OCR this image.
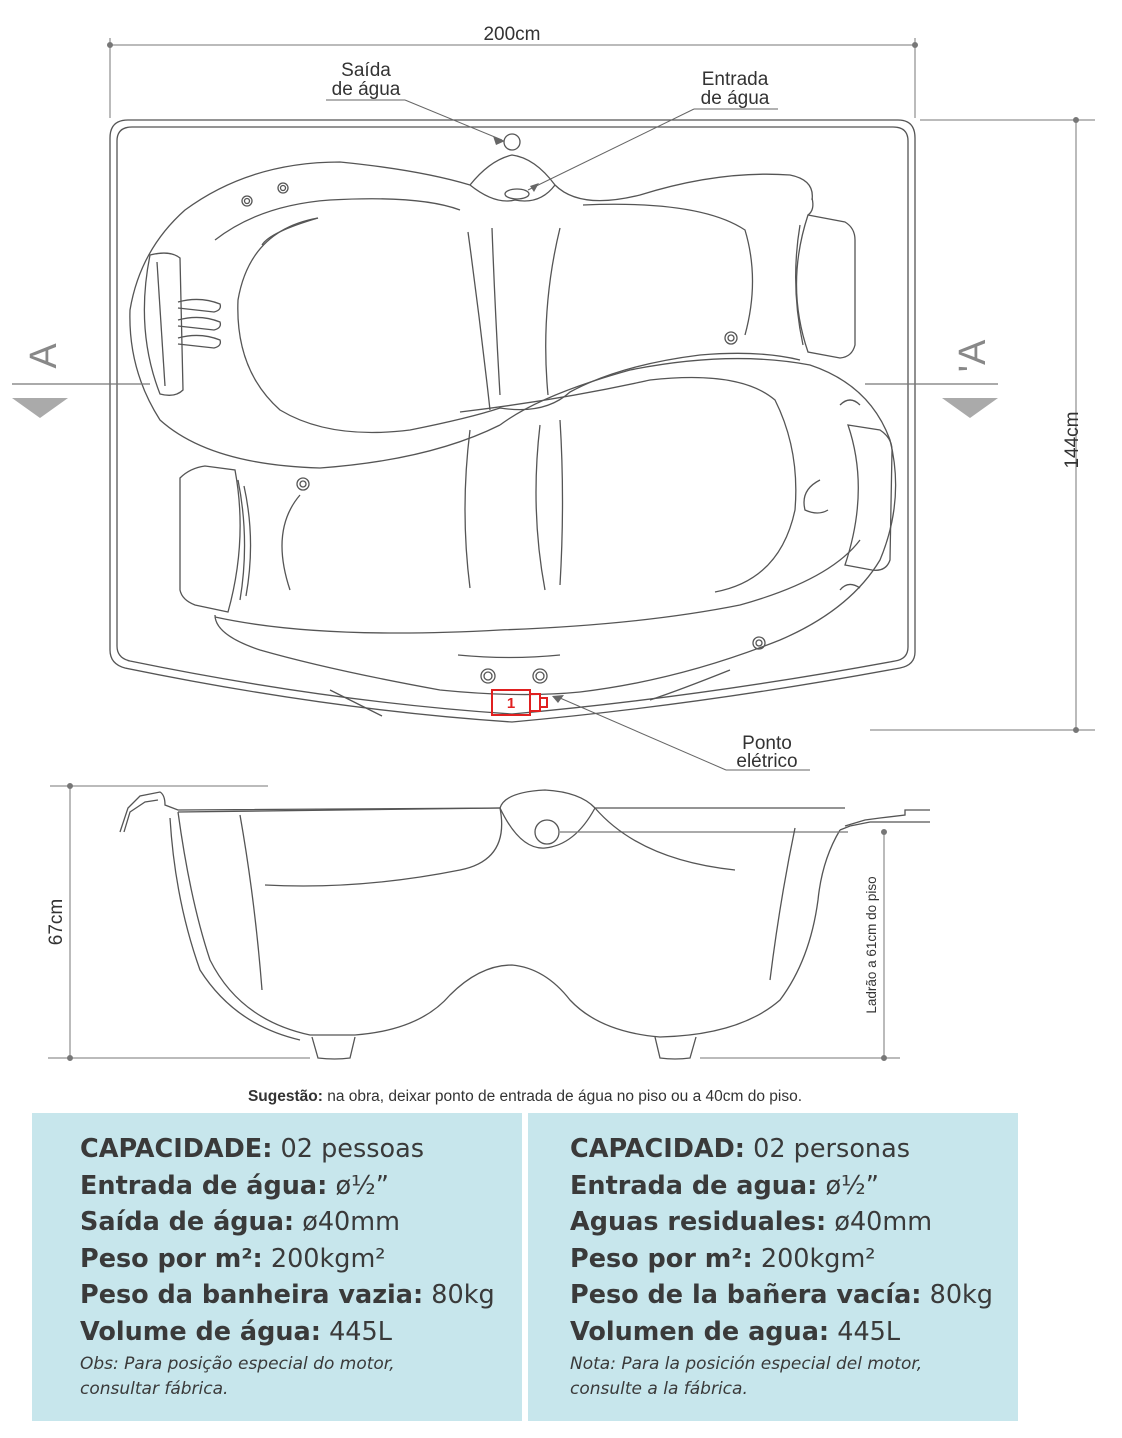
200cm
144cm
67cm	Ladrão a 61cm do piso
Saída
de água	Entrada
de água
Ponto
elétrico
1
A	'A
Sugestão: na obra, deixar ponto de entrada de água no piso ou a 40cm do piso.
CAPACIDADE: 02 pessoas
Entrada de água: ø½”
Saída de água: ø40mm
Peso por m²: 200kgm²
Peso da banheira vazia: 80kg
Volume de água: 445L
Obs: Para posição especial do motor, consultar fábrica.
CAPACIDAD: 02 personas
Entrada de agua: ø½”
Aguas residuales: ø40mm
Peso por m²: 200kgm²
Peso de la bañera vacía: 80kg
Volumen de agua: 445L
Nota: Para la posición especial del motor, consulte a la fábrica.
